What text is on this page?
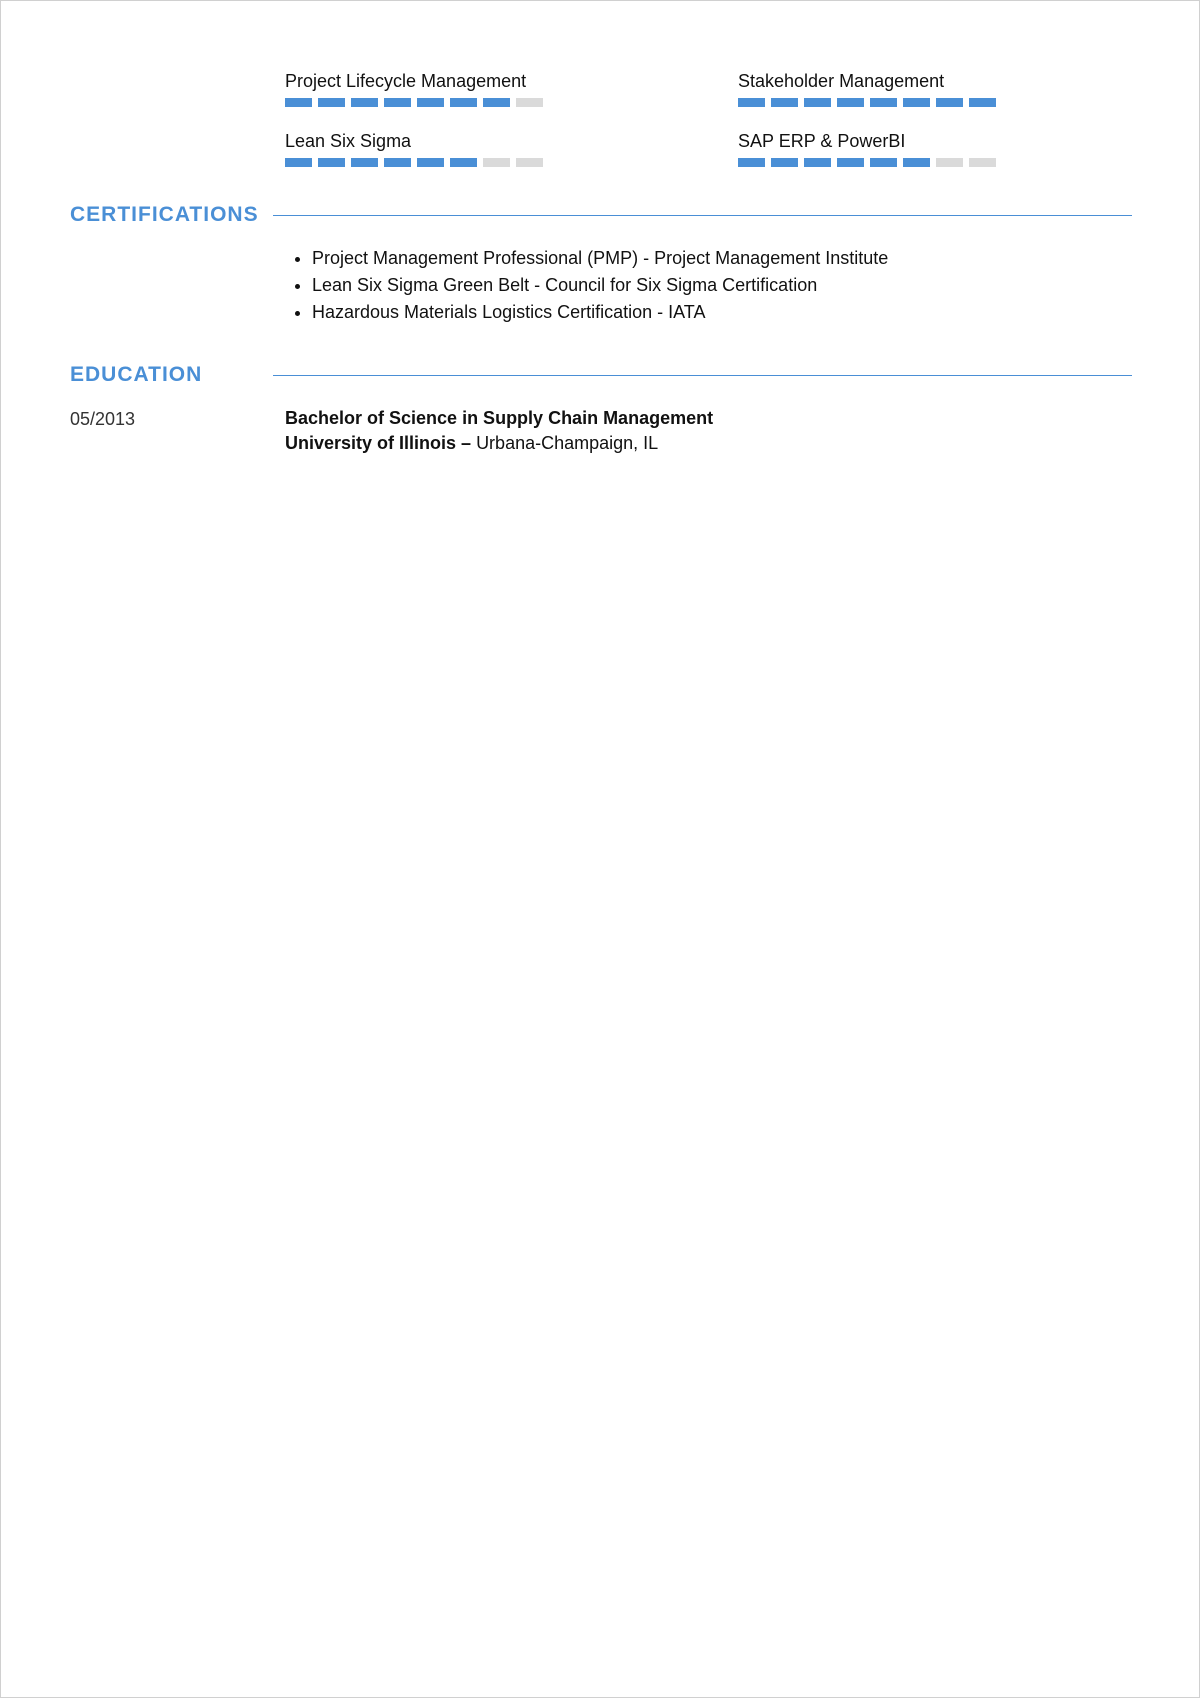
Project Lifecycle Management	Stakeholder Management
Lean Six Sigma	SAP ERP & PowerBI
CERTIFICATIONS
• Project Management Professional (PMP) - Project Management Institute
• Lean Six Sigma Green Belt - Council for Six Sigma Certification
• Hazardous Materials Logistics Certification - IATA
EDUCATION
05/2013	Bachelor of Science in Supply Chain Management
University of Illinois – Urbana-Champaign, IL
